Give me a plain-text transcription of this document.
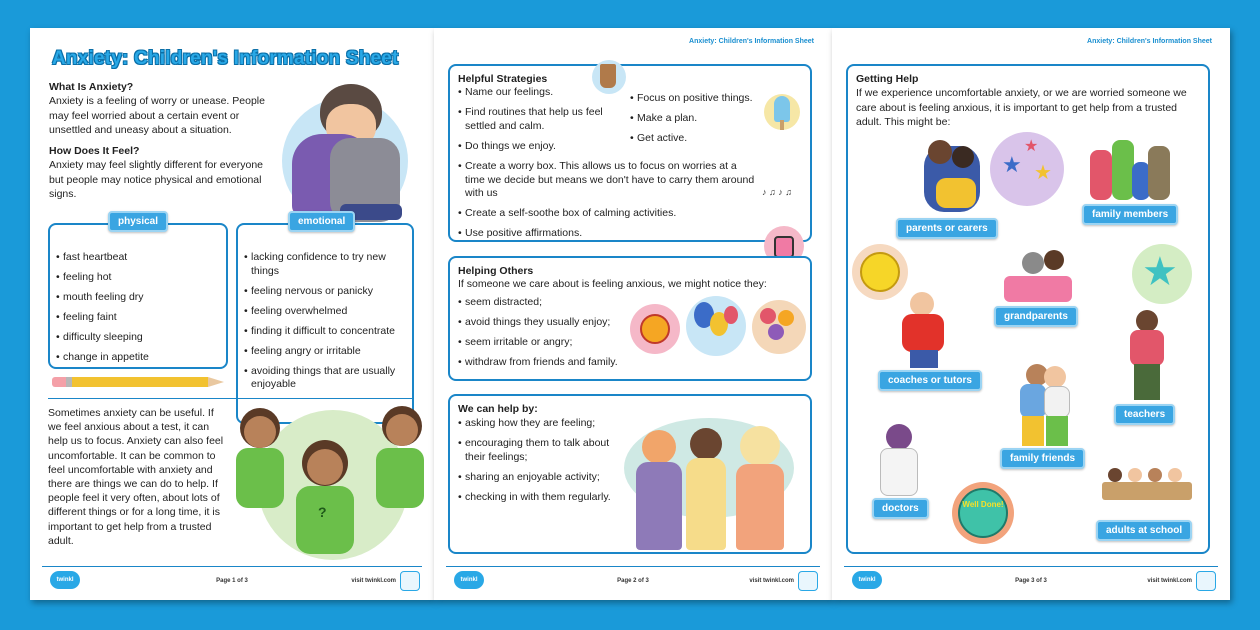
Anxiety: Children's Information Sheet
What Is Anxiety?
Anxiety is a feeling of worry or unease. People may feel worried about a certain event or unsettled and uneasy about a situation.
How Does It Feel?
Anxiety may feel slightly different for everyone but people may notice physical and emotional signs.
• fast heartbeat
• feeling hot
• mouth feeling dry
• feeling faint
• difficulty sleeping
• change in appetite
physical
• lacking confidence to try new things
• feeling nervous or panicky
• feeling overwhelmed
• finding it difficult to concentrate
• feeling angry or irritable
• avoiding things that are usually enjoyable
emotional
Sometimes anxiety can be useful. If we feel anxious about a test, it can help us to focus. Anxiety can also feel uncomfortable. It can be common to feel uncomfortable with anxiety and there are things we can do to help. If people feel it very often, about lots of different things or for a long time, it is important to get help from a trusted adult.
?
twinkl LIFE
Page 1 of 3	visit twinkl.com
Anxiety: Children's Information Sheet
Helpful Strategies
• Name our feelings.
• Find routines that help us feel settled and calm.
• Do things we enjoy.
• Focus on positive things.
• Make a plan.
• Get active.
• Create a worry box. This allows us to focus on worries at a time we decide but means we don't have to carry them around with us
• Create a self-soothe box of calming activities.
• Use positive affirmations.
♪ ♫ ♪ ♫
Helping Others
If someone we care about is feeling anxious, we might notice they:
• seem distracted;
• avoid things they usually enjoy;
• seem irritable or angry;
• withdraw from friends and family.
We can help by:
• asking how they are feeling;
• encouraging them to talk about their feelings;
• sharing an enjoyable activity;
• checking in with them regularly.
twinkl LIFE
Page 2 of 3	visit twinkl.com
Anxiety: Children's Information Sheet
Getting Help
If we experience uncomfortable anxiety, or we are worried someone we care about is feeling anxious, it is important to get help from a trusted adult. This might be:
★
★
★
★
Well Done!
parents or carers
family members
grandparents
coaches or tutors
teachers
family friends
doctors
adults at school
twinkl LIFE
Page 3 of 3	visit twinkl.com
